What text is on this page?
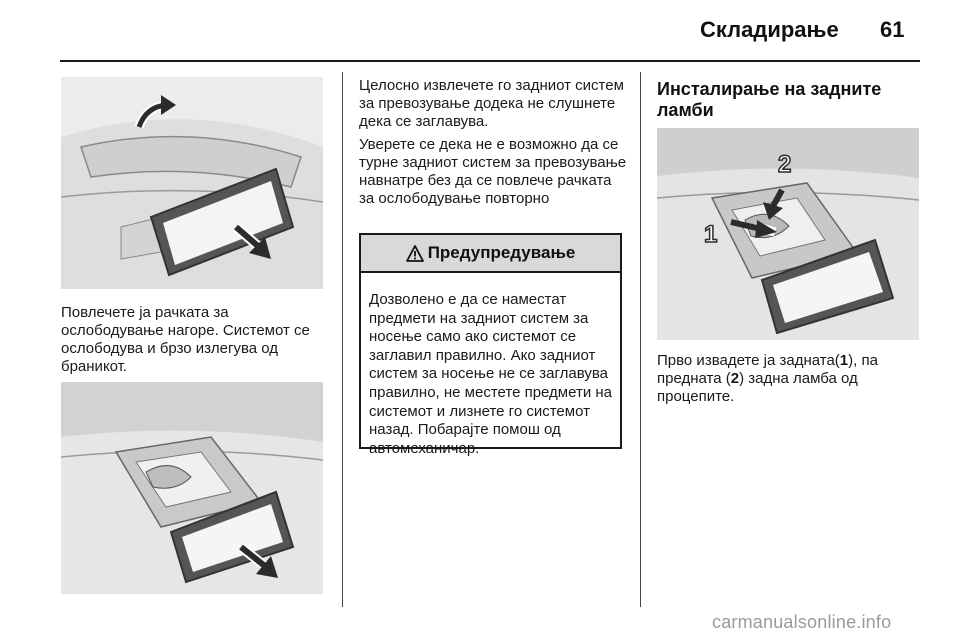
Складирање 61
Повлечете ја рачката за ослободување нагоре. Системот се ослободува и брзо излегува од браникот.
Целосно извлечете го задниот систем за превозување додека не слушнете дека се заглавува.
Уверете се дека не е возможно да се турне задниот систем за превозување навнатре без да се повлече рачката за ослободување повторно
Предупредување
Дозволено е да се наместат предмети на задниот систем за носење само ако системот се заглавил правилно. Ако задниот систем за носење не се заглавува правилно, не местете предмети на системот и лизнете го системот назад. Побарајте помош од автомеханичар.
Инсталирање на задните ламби
1
2
Прво извадете ја задната(1), па предната (2) задна ламба од процепите.
carmanualsonline.info
